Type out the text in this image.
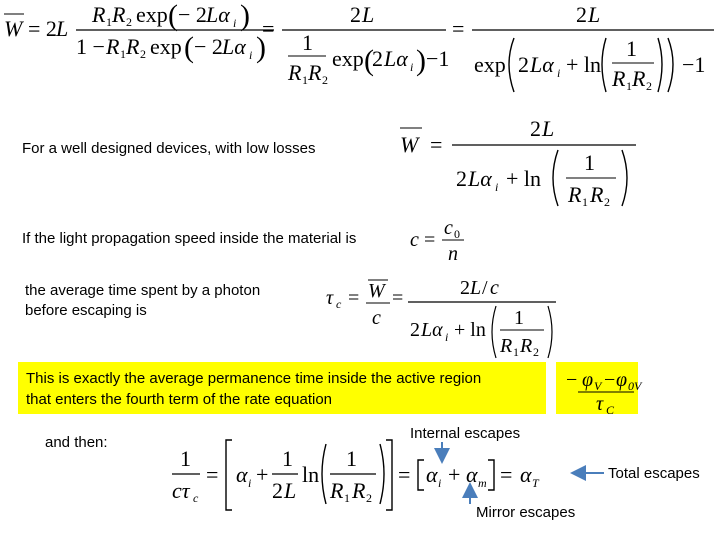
For a well designed devices, with low losses
If the light propagation speed inside the material is
the average time spent by a photon
before escaping is
This is exactly the average permanence time inside the active region
that enters the fourth term of the rate equation
and then:
Internal escapes
Total escapes
Mirror escapes
W = 2 L
R 1 R 2 exp ( − 2 Lα i )
1 − R 1 R 2 exp ( − 2 Lα i )
=
2 L
1
R 1 R 2
exp (
2 Lα i ) −1
=
2 L
exp 2 Lα i + ln
1
R 1 R 2
−1
W =
2 L
2 Lα i + ln
1
R 1 R 2
c =
c 0
n
τ c = W
c
=	2 L / c
2 Lα i + ln
1
R 1 R 2
− φ V − φ 0V
τ C
1
cτ c
= α i +
1
2 L
ln
1
R 1 R 2
= α i + α m = α T
